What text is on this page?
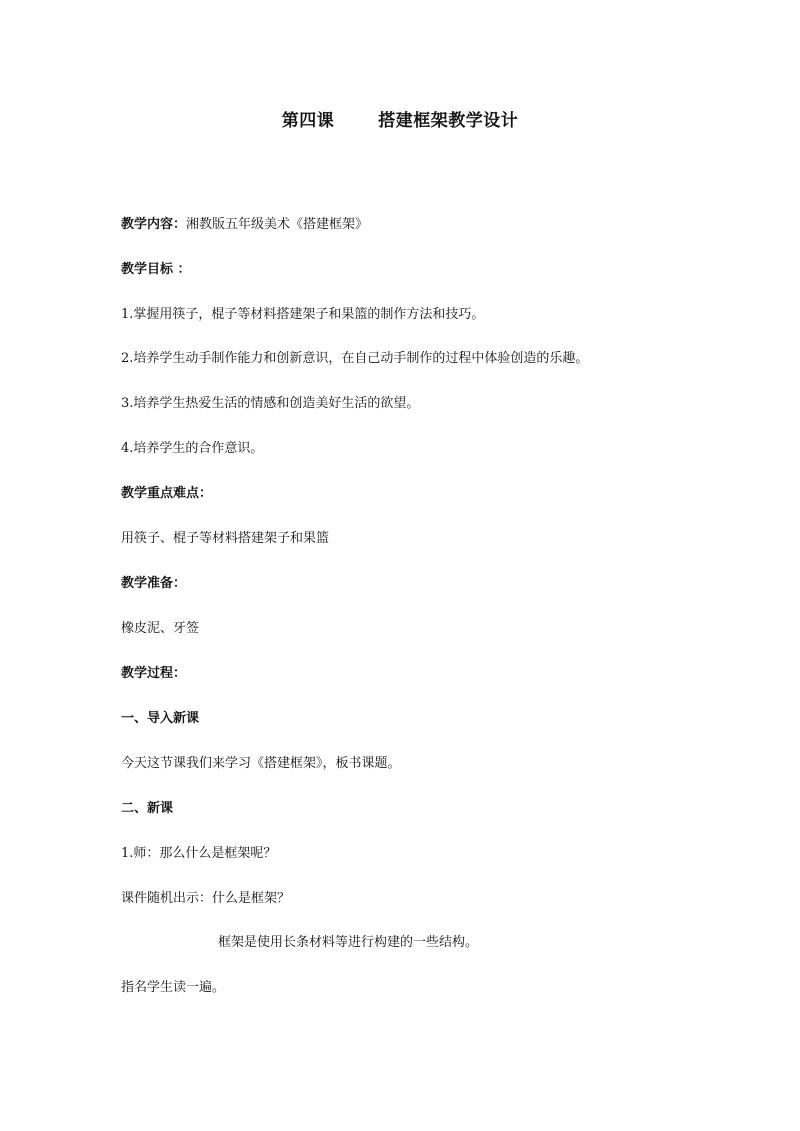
第四课	搭建框架教学设计
教学内容：湘教版五年级美术《搭建框架》
教学目标 ：
1.掌握用筷子，棍子等材料搭建架子和果篮的制作方法和技巧。
2.培养学生动手制作能力和创新意识，在自己动手制作的过程中体验创造的乐趣。
3.培养学生热爱生活的情感和创造美好生活的欲望。
4.培养学生的合作意识。
教学重点难点：
用筷子、棍子等材料搭建架子和果篮
教学准备：
橡皮泥、牙签
教学过程：
一、导入新课
今天这节课我们来学习《搭建框架》，板书课题。
二、新课
1.师：那么什么是框架呢？
课件随机出示：什么是框架？
框架是使用长条材料等进行构建的一些结构。
指名学生读一遍。
